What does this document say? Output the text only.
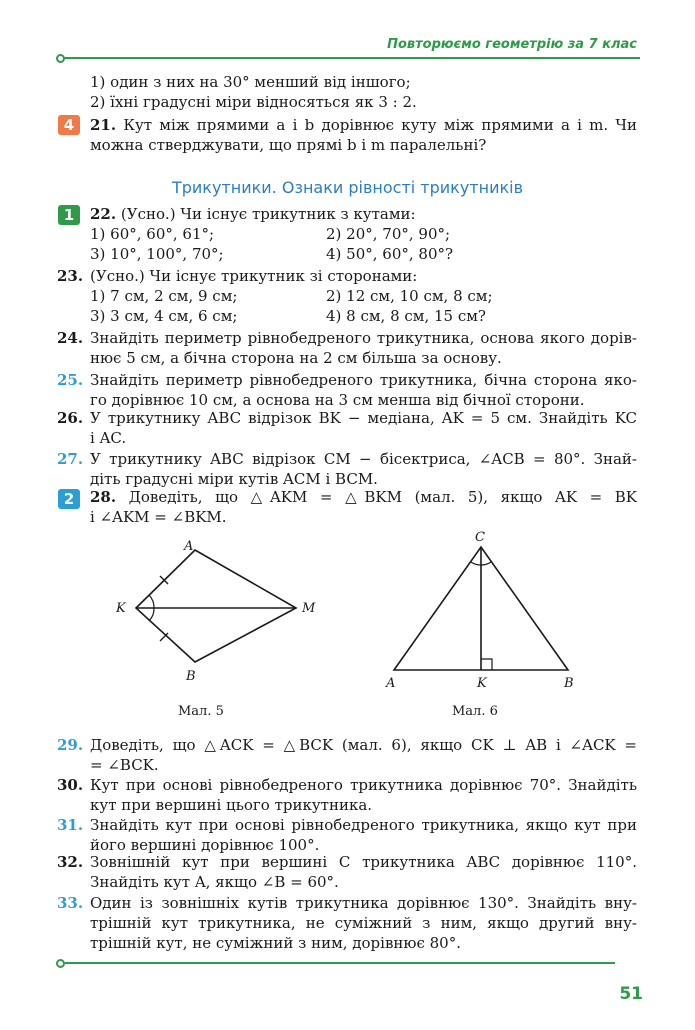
Повторюємо геометрію за 7 клас
1) один з них на 30° менший від іншого;
2) їхні градусні міри відносяться як 3 : 2.
4	21. Кут між прямими a і b дорівнює куту між прямими a і m. Чи
можна стверджувати, що прямі b і m паралельні?
Трикутники. Ознаки рівності трикутників
1	22. (Усно.) Чи існує трикутник з кутами:
1) 60°, 60°, 61°;	2) 20°, 70°, 90°;
3) 10°, 100°, 70°;	4) 50°, 60°, 80°?
23. (Усно.) Чи існує трикутник зі сторонами:
1) 7 см, 2 см, 9 см;	2) 12 см, 10 см, 8 см;
3) 3 см, 4 см, 6 см;	4) 8 см, 8 см, 15 см?
24. Знайдіть периметр рівнобедреного трикутника, основа якого дорів-
нює 5 см, а бічна сторона на 2 см більша за основу.
25. Знайдіть периметр рівнобедреного трикутника, бічна сторона яко-
го дорівнює 10 см, а основа на 3 см менша від бічної сторони.
26. У трикутнику ABC відрізок BK − медіана, AK = 5 см. Знайдіть KC
і AC.
27. У трикутнику ABC відрізок CM − бісектриса, ∠ACB = 80°. Знай-
діть градусні міри кутів ACM і BCM.
2	28. Доведіть, що △AKM = △BKM (мал. 5), якщо AK = BK
і ∠AKM = ∠BKM.
A
K	M
B
Мал. 5
C
A	K	B
Мал. 6
29. Доведіть, що △ACK = △BCK (мал. 6), якщо CK ⊥ AB і ∠ACK =
= ∠BCK.
30. Кут при основі рівнобедреного трикутника дорівнює 70°. Знайдіть
кут при вершині цього трикутника.
31. Знайдіть кут при основі рівнобедреного трикутника, якщо кут при
його вершині дорівнює 100°.
32. Зовнішній кут при вершині C трикутника ABC дорівнює 110°.
Знайдіть кут A, якщо ∠B = 60°.
33. Один із зовнішніх кутів трикутника дорівнює 130°. Знайдіть вну-
трішній кут трикутника, не суміжний з ним, якщо другий вну-
трішній кут, не суміжний з ним, дорівнює 80°.
51
